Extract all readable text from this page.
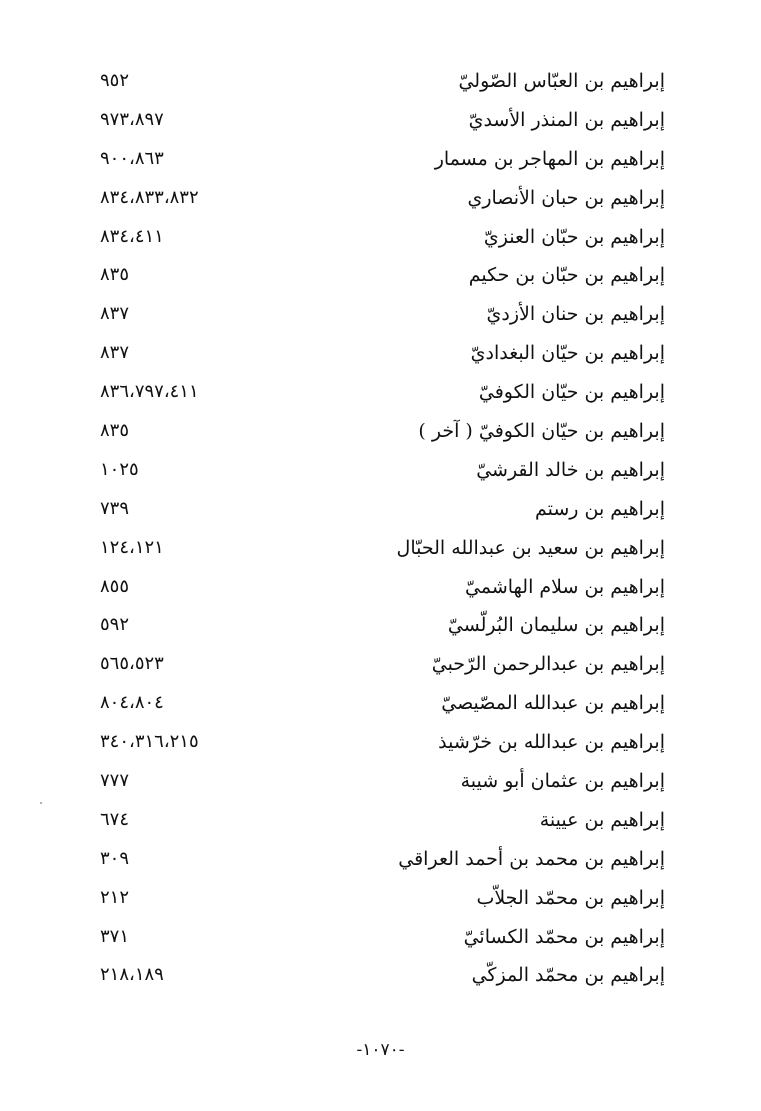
إبراهيم بن العبّاس الصّوليّ
٩٥٢
إبراهيم بن المنذر الأسديّ
٩٧٣،٨٩٧
إبراهيم بن المهاجر بن مسمار
٩٠٠،٨٦٣
إبراهيم بن حبان الأنصاري
٨٣٤،٨٣٣،٨٣٢
إبراهيم بن حبّان العنزيّ
٨٣٤،٤١١
إبراهيم بن حبّان بن حكيم
٨٣٥
إبراهيم بن حنان الأزديّ
٨٣٧
إبراهيم بن حيّان البغداديّ
٨٣٧
إبراهيم بن حيّان الكوفيّ
٨٣٦،٧٩٧،٤١١
إبراهيم بن حيّان الكوفيّ ( آخر )
٨٣٥
إبراهيم بن خالد القرشيّ
١٠٢٥
إبراهيم بن رستم
٧٣٩
إبراهيم بن سعيد بن عبدالله الحبّال
١٢٤،١٢١
إبراهيم بن سلام الهاشميّ
٨٥٥
إبراهيم بن سليمان البُرلّسيّ
٥٩٢
إبراهيم بن عبدالرحمن الرّحبيّ
٥٦٥،٥٢٣
إبراهيم بن عبدالله المصّيصيّ
٨٠٤،٨٠٤
إبراهيم بن عبدالله بن خرّشيذ
٣٤٠،٣١٦،٢١٥
إبراهيم بن عثمان أبو شيبة
٧٧٧
إبراهيم بن عيينة
٦٧٤
إبراهيم بن محمد بن أحمد العراقي
٣٠٩
إبراهيم بن محمّد الجلاّب
٢١٢
إبراهيم بن محمّد الكسائيّ
٣٧١
إبراهيم بن محمّد المزكّي
٢١٨،١٨٩
-١٠٧٠-
